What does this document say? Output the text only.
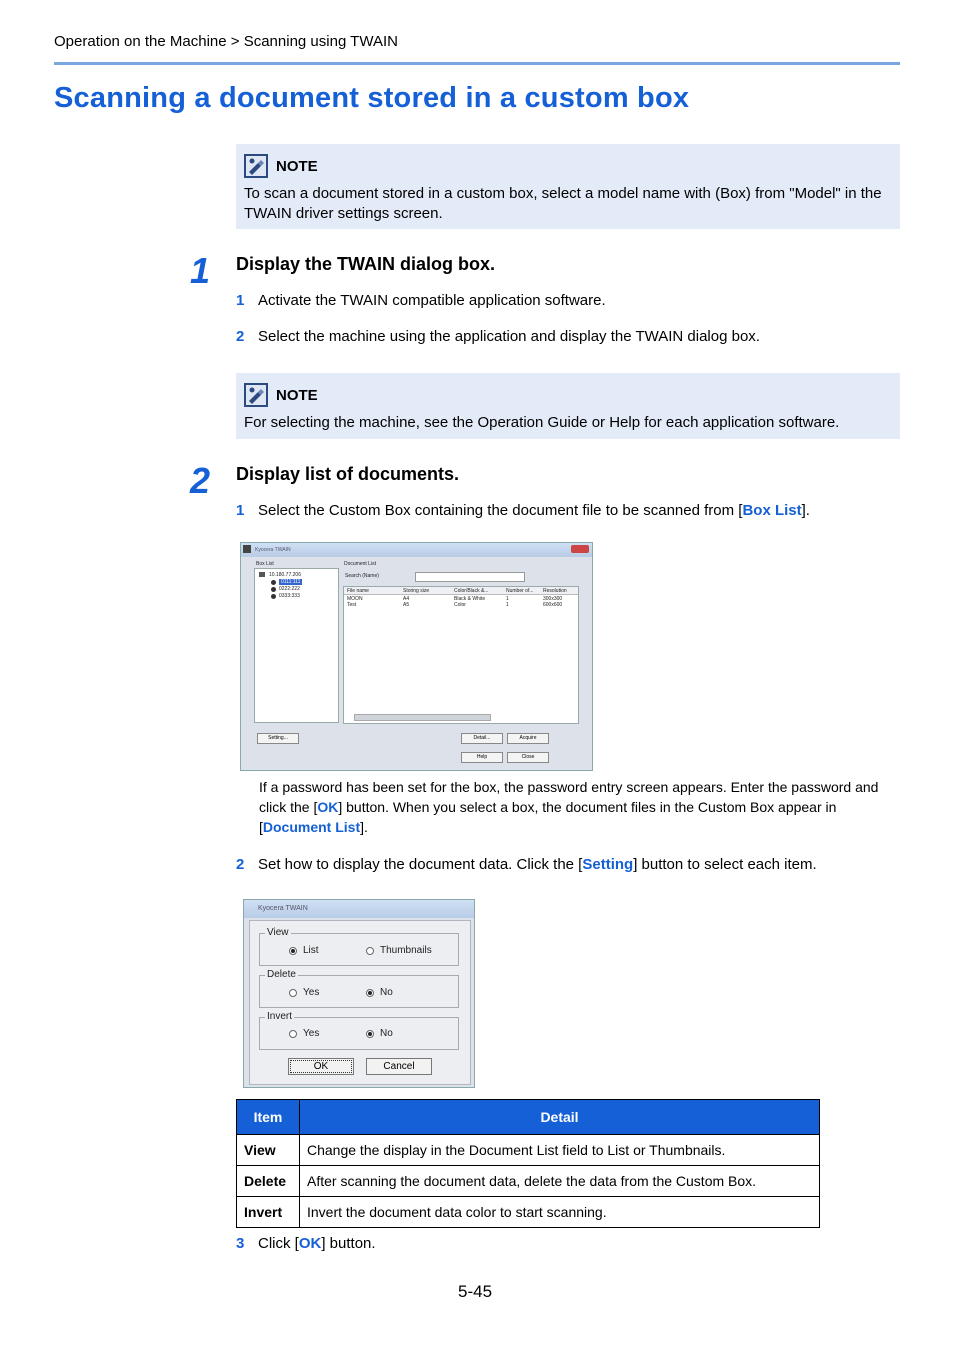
Operation on the Machine > Scanning using TWAIN
Scanning a document stored in a custom box
NOTE
To scan a document stored in a custom box, select a model name with (Box) from "Model" in the TWAIN driver settings screen.
1 Display the TWAIN dialog box.
1 Activate the TWAIN compatible application software.
2 Select the machine using the application and display the TWAIN dialog box.
NOTE
For selecting the machine, see the Operation Guide or Help for each application software.
2 Display list of documents.
1 Select the Custom Box containing the document file to be scanned from [Box List].
Kyocera TWAIN
Box List
10.180.77.206
0111:111
0222:222
0333:333
Document List
Search (Name)
File name	Storing size	Color/Black &...	Number of... Resolution
MOON	A4	Black & White	1	300x300
Test	A5	Color	1	600x600
Setting...	Detail...	Acquire
Help	Close
If a password has been set for the box, the password entry screen appears. Enter the password and click the [OK] button. When you select a box, the document files in the Custom Box appear in [Document List].
2 Set how to display the document data. Click the [Setting] button to select each item.
Kyocera TWAIN
View
List	Thumbnails
Delete
Yes	No
Invert
Yes	No
OK	Cancel
Item	Detail
View	Change the display in the Document List field to List or Thumbnails.
Delete	After scanning the document data, delete the data from the Custom Box.
Invert	Invert the document data color to start scanning.
3 Click [OK] button.
5-45
